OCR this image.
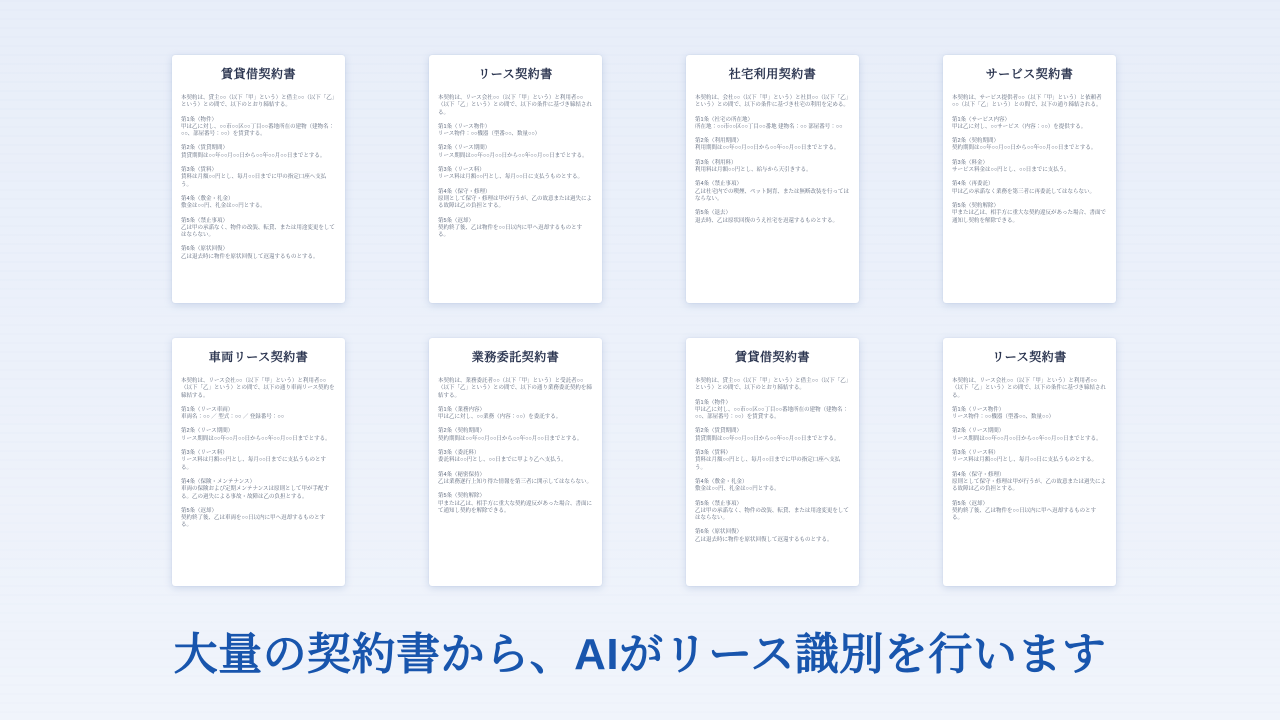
賃貸借契約書
本契約は、貸主○○（以下「甲」という）と借主○○（以下「乙」という）との間で、以下のとおり締結する。
第1条（物件）
甲は乙に対し、○○市○○区○○丁目○○番地所在の建物（建物名：○○、部屋番号：○○）を賃貸する。
第2条（賃貸期間）
賃貸期間は○○年○○月○○日から○○年○○月○○日までとする。
第3条（賃料）
賃料は月額○○円とし、毎月○○日までに甲の指定口座へ支払う。
第4条（敷金・礼金）
敷金は○○円、礼金は○○円とする。
第5条（禁止事項）
乙は甲の承諾なく、物件の改装、転貸、または用途変更をしてはならない。
第6条（原状回復）
乙は退去時に物件を原状回復して返還するものとする。
リース契約書
本契約は、リース会社○○（以下「甲」という）と利用者○○（以下「乙」という）との間で、以下の条件に基づき締結される。
第1条（リース物件）
リース物件：○○機器（型番○○、数量○○）
第2条（リース期間）
リース期間は○○年○○月○○日から○○年○○月○○日までとする。
第3条（リース料）
リース料は月額○○円とし、毎月○○日に支払うものとする。
第4条（保守・修理）
原則として保守・修理は甲が行うが、乙の故意または過失による故障は乙の負担とする。
第5条（返却）
契約終了後、乙は物件を○○日以内に甲へ返却するものとする。
社宅利用契約書
本契約は、会社○○（以下「甲」という）と社員○○（以下「乙」という）との間で、以下の条件に基づき社宅の利用を定める。
第1条（社宅の所在地）
所在地：○○市○○区○○丁目○○番地 建物名：○○ 部屋番号：○○
第2条（利用期間）
利用期間は○○年○○月○○日から○○年○○月○○日までとする。
第3条（利用料）
利用料は月額○○円とし、給与から天引きする。
第4条（禁止事項）
乙は社宅内での喫煙、ペット飼育、または無断改装を行ってはならない。
第5条（退去）
退去時、乙は原状回復のうえ社宅を返還するものとする。
サービス契約書
本契約は、サービス提供者○○（以下「甲」という）と依頼者○○（以下「乙」という）との間で、以下の通り締結される。
第1条（サービス内容）
甲は乙に対し、○○サービス（内容：○○）を提供する。
第2条（契約期間）
契約期間は○○年○○月○○日から○○年○○月○○日までとする。
第3条（料金）
サービス料金は○○円とし、○○日までに支払う。
第4条（再委託）
甲は乙の承諾なく業務を第三者に再委託してはならない。
第5条（契約解除）
甲または乙は、相手方に重大な契約違反があった場合、書面で通知し契約を解除できる。
車両リース契約書
本契約は、リース会社○○（以下「甲」という）と利用者○○（以下「乙」という）との間で、以下の通り車両リース契約を締結する。
第1条（リース車両）
車両名：○○ ／ 型式：○○ ／ 登録番号：○○
第2条（リース期間）
リース期間は○○年○○月○○日から○○年○○月○○日までとする。
第3条（リース料）
リース料は月額○○円とし、毎月○○日までに支払うものとする。
第4条（保険・メンテナンス）
車両の保険および定期メンテナンスは原則として甲が手配する。乙の過失による事故・故障は乙の負担とする。
第5条（返却）
契約終了後、乙は車両を○○日以内に甲へ返却するものとする。
業務委託契約書
本契約は、業務委託者○○（以下「甲」という）と受託者○○（以下「乙」という）との間で、以下の通り業務委託契約を締結する。
第1条（業務内容）
甲は乙に対し、○○業務（内容：○○）を委託する。
第2条（契約期間）
契約期間は○○年○○月○○日から○○年○○月○○日までとする。
第3条（委託料）
委託料は○○円とし、○○日までに甲より乙へ支払う。
第4条（秘密保持）
乙は業務遂行上知り得た情報を第三者に開示してはならない。
第5条（契約解除）
甲または乙は、相手方に重大な契約違反があった場合、書面にて通知し契約を解除できる。
賃貸借契約書
本契約は、貸主○○（以下「甲」という）と借主○○（以下「乙」という）との間で、以下のとおり締結する。
第1条（物件）
甲は乙に対し、○○市○○区○○丁目○○番地所在の建物（建物名：○○、部屋番号：○○）を賃貸する。
第2条（賃貸期間）
賃貸期間は○○年○○月○○日から○○年○○月○○日までとする。
第3条（賃料）
賃料は月額○○円とし、毎月○○日までに甲の指定口座へ支払う。
第4条（敷金・礼金）
敷金は○○円、礼金は○○円とする。
第5条（禁止事項）
乙は甲の承諾なく、物件の改装、転貸、または用途変更をしてはならない。
第6条（原状回復）
乙は退去時に物件を原状回復して返還するものとする。
リース契約書
本契約は、リース会社○○（以下「甲」という）と利用者○○（以下「乙」という）との間で、以下の条件に基づき締結される。
第1条（リース物件）
リース物件：○○機器（型番○○、数量○○）
第2条（リース期間）
リース期間は○○年○○月○○日から○○年○○月○○日までとする。
第3条（リース料）
リース料は月額○○円とし、毎月○○日に支払うものとする。
第4条（保守・修理）
原則として保守・修理は甲が行うが、乙の故意または過失による故障は乙の負担とする。
第5条（返却）
契約終了後、乙は物件を○○日以内に甲へ返却するものとする。
大量の契約書から、AIがリース識別を行います
